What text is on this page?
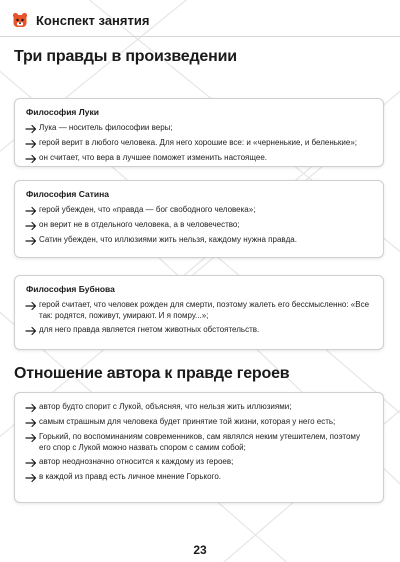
Конспект занятия
Три правды в произведении
Философия Луки
Лука — носитель философии веры;
герой верит в любого человека. Для него хорошие все: и «черненькие, и беленькие»;
он считает, что вера в лучшее поможет изменить настоящее.
Философия Сатина
герой убежден, что «правда — бог свободного человека»;
он верит не в отдельного человека, а в человечество;
Сатин убежден, что иллюзиями жить нельзя, каждому нужна правда.
Философия Бубнова
герой считает, что человек рожден для смерти, поэтому жалеть его бессмысленно: «Все так: родятся, поживут, умирают. И я помру...»;
для него правда является гнетом животных обстоятельств.
Отношение автора к правде героев
автор будто спорит с Лукой, объясняя, что нельзя жить иллюзиями;
самым страшным для человека будет принятие той жизни, которая у него есть;
Горький, по воспоминаниям современников, сам являлся неким утешителем, поэтому его спор с Лукой можно назвать спором с самим собой;
автор неоднозначно относится к каждому из героев;
в каждой из правд есть личное мнение Горького.
23
